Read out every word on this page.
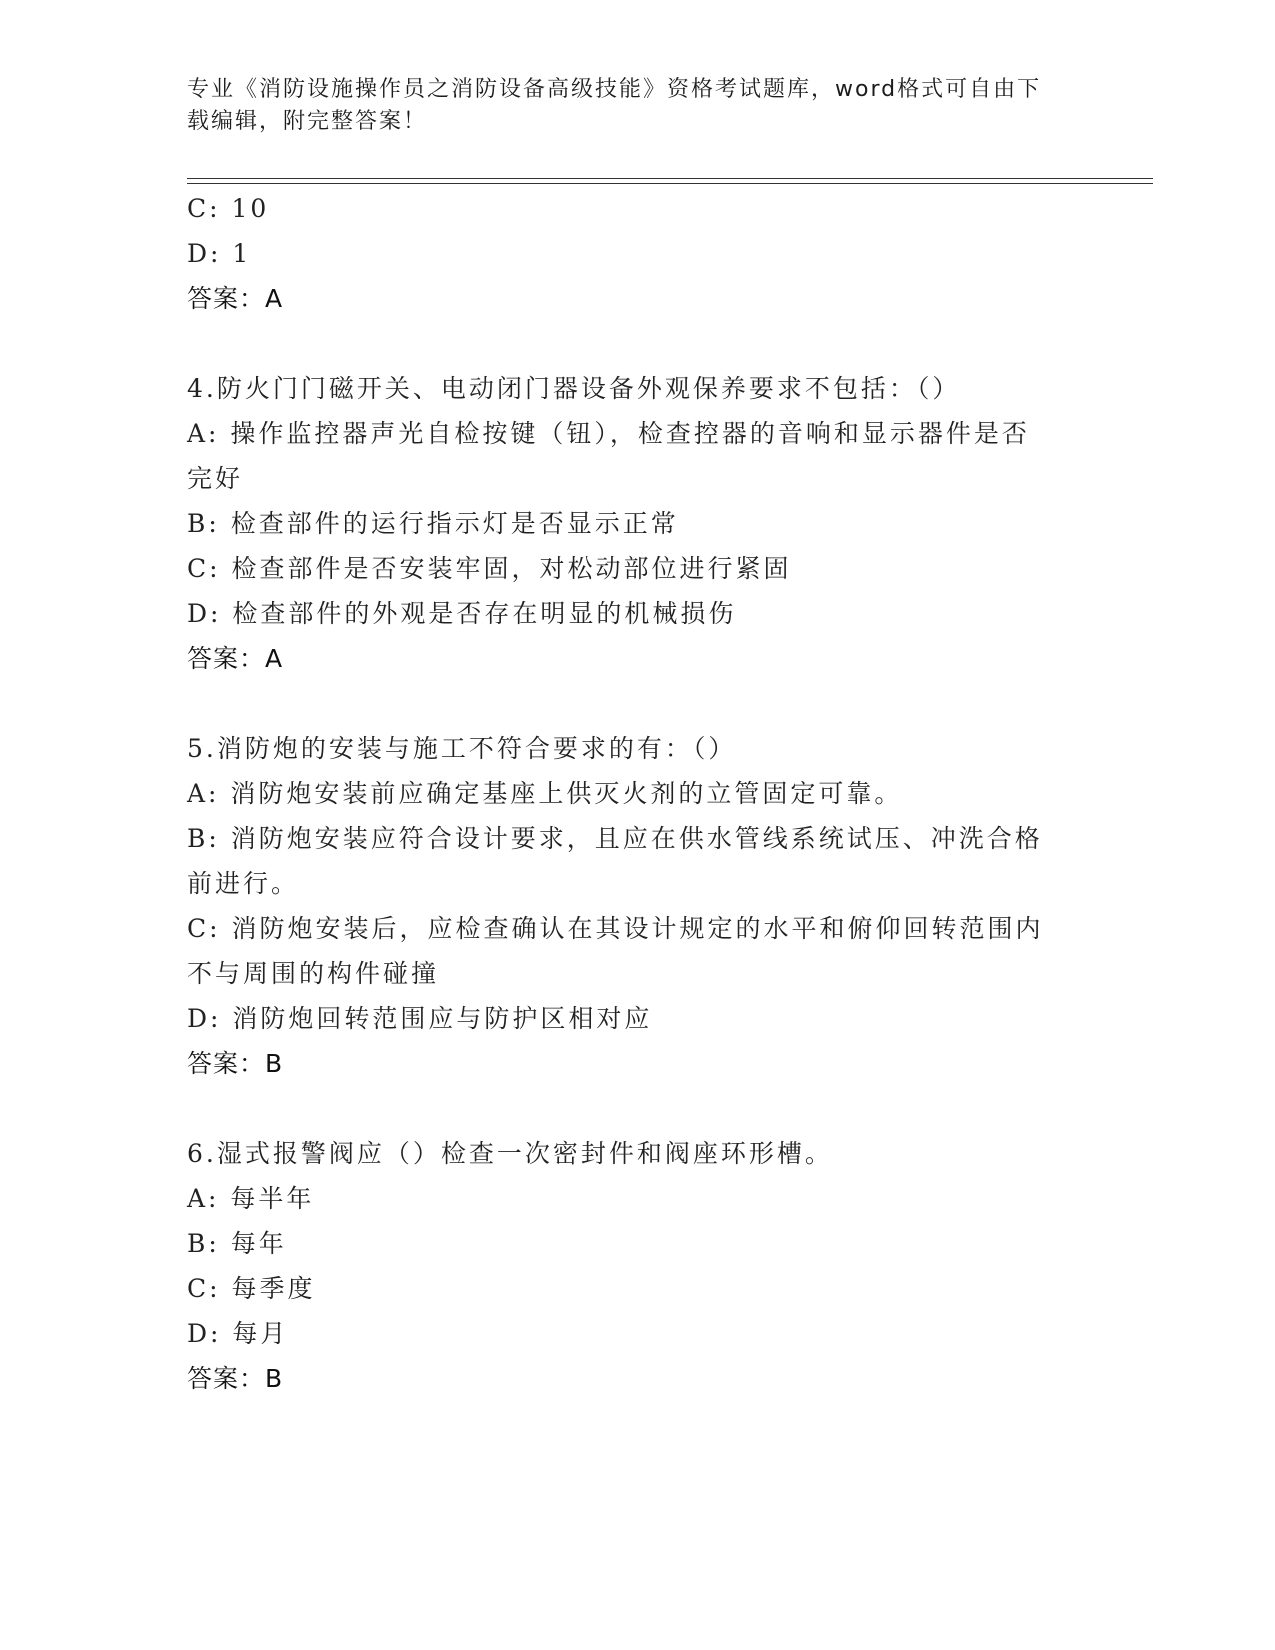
专业《消防设施操作员之消防设备高级技能》资格考试题库，word格式可自由下
载编辑，附完整答案！
C: 10
D: 1
答案：A
4.防火门门磁开关、电动闭门器设备外观保养要求不包括：（）
A: 操作监控器声光自检按键（钮），检查控器的音响和显示器件是否
完好
B: 检查部件的运行指示灯是否显示正常
C: 检查部件是否安装牢固，对松动部位进行紧固
D: 检查部件的外观是否存在明显的机械损伤
答案：A
5.消防炮的安装与施工不符合要求的有：（）
A: 消防炮安装前应确定基座上供灭火剂的立管固定可靠。
B: 消防炮安装应符合设计要求，且应在供水管线系统试压、冲洗合格
前进行。
C: 消防炮安装后，应检查确认在其设计规定的水平和俯仰回转范围内
不与周围的构件碰撞
D: 消防炮回转范围应与防护区相对应
答案：B
6.湿式报警阀应（）检查一次密封件和阀座环形槽。
A: 每半年
B: 每年
C: 每季度
D: 每月
答案：B
